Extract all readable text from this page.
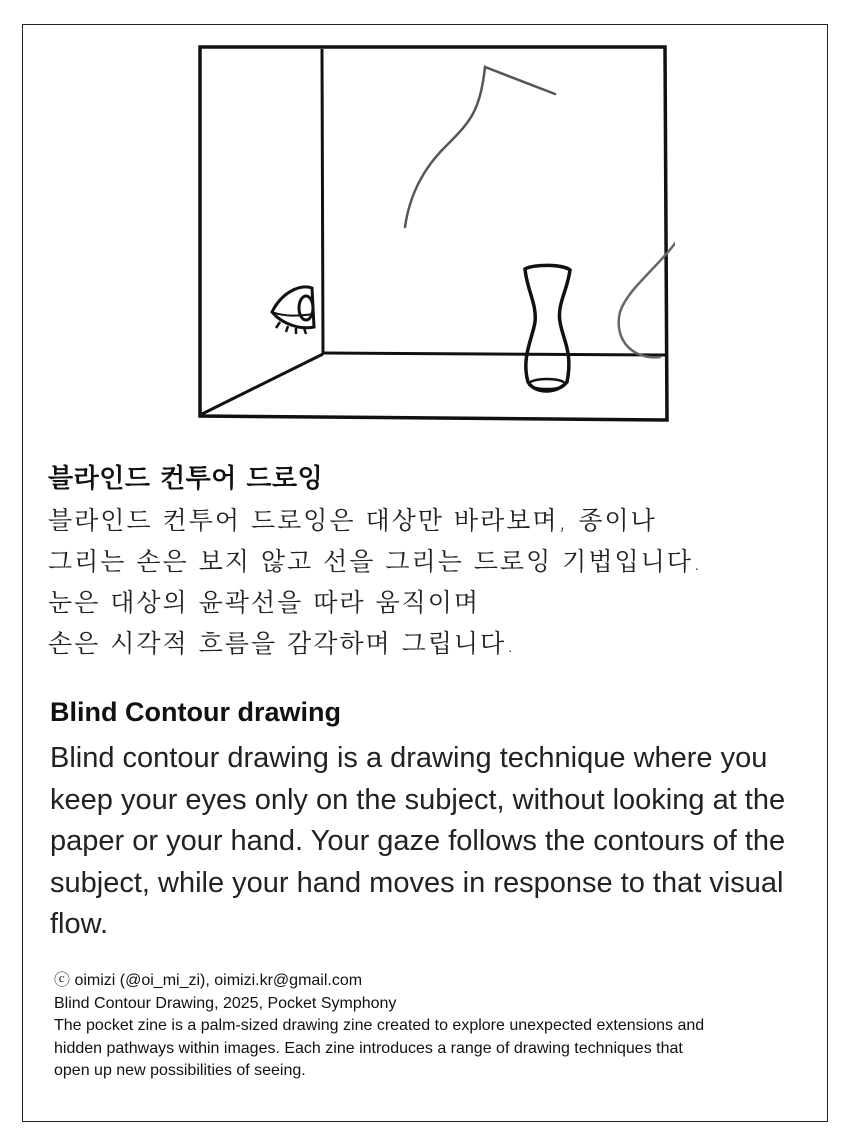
블라인드 컨투어 드로잉
블라인드 컨투어 드로잉은 대상만 바라보며, 종이나
그리는 손은 보지 않고 선을 그리는 드로잉 기법입니다.
눈은 대상의 윤곽선을 따라 움직이며
손은 시각적 흐름을 감각하며 그립니다.
Blind Contour drawing
Blind contour drawing is a drawing technique where you keep your eyes only on the subject, without looking at the paper or your hand. Your gaze follows the contours of the subject, while your hand moves in response to that visual flow.
ⓒ oimizi (@oi_mi_zi), oimizi.kr@gmail.com
Blind Contour Drawing, 2025, Pocket Symphony
The pocket zine is a palm-sized drawing zine created to explore unexpected extensions and
hidden pathways within images. Each zine introduces a range of drawing techniques that
open up new possibilities of seeing.
